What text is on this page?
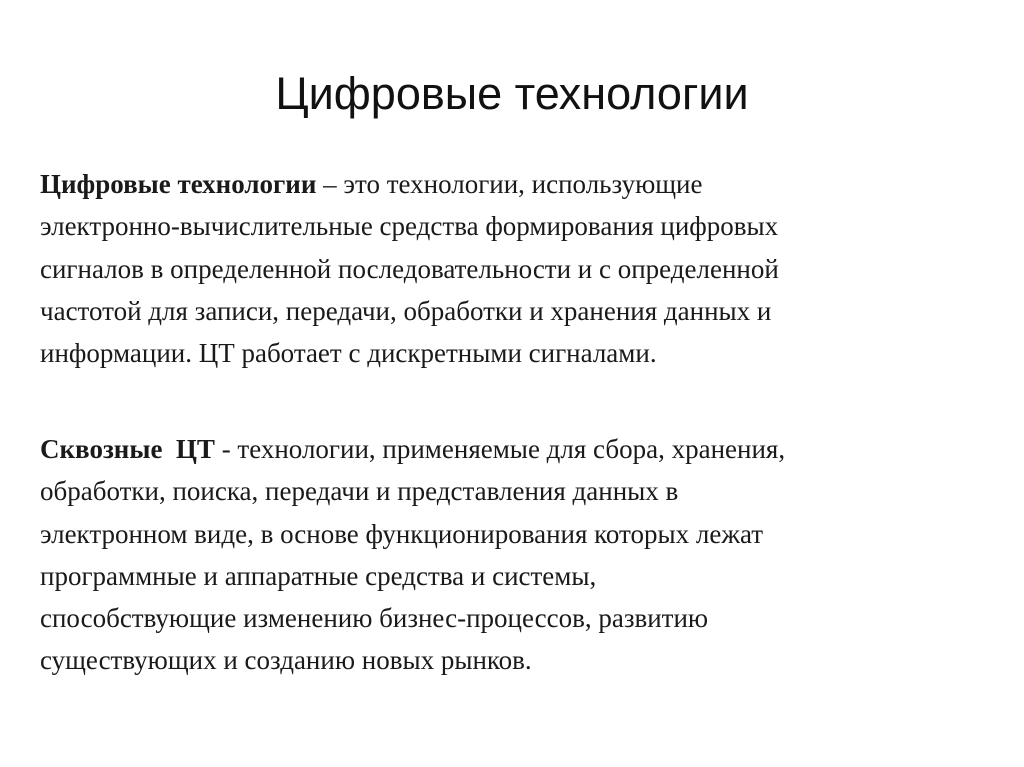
Цифровые технологии
Цифровые технологии – это технологии, использующие
электронно-вычислительные средства формирования цифровых
сигналов в определенной последовательности и с определенной
частотой для записи, передачи, обработки и хранения данных и
информации. ЦТ работает с дискретными сигналами.
Сквозные  ЦТ - технологии, применяемые для сбора, хранения,
обработки, поиска, передачи и представления данных в
электронном виде, в основе функционирования которых лежат
программные и аппаратные средства и системы,
способствующие изменению бизнес-процессов, развитию
существующих и созданию новых рынков.
